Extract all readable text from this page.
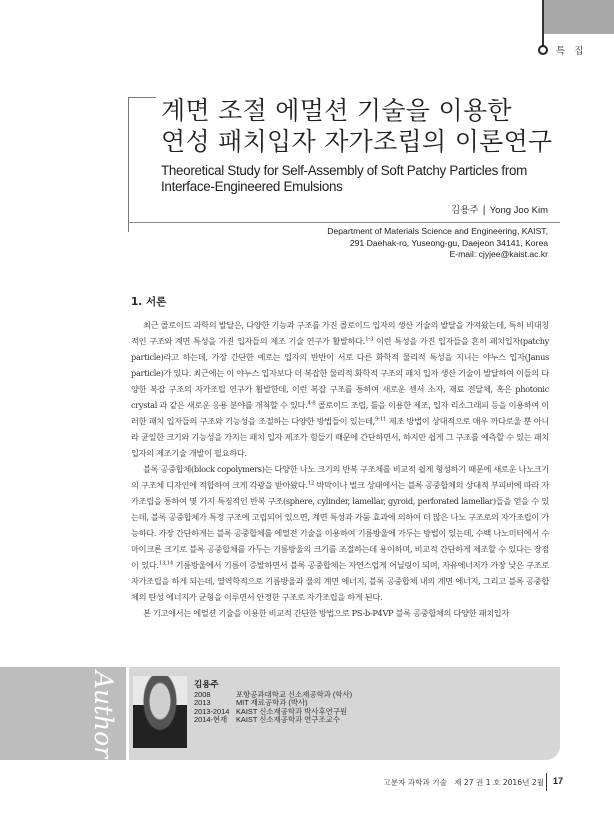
특 집
계면 조절 에멀션 기술을 이용한
연성 패치입자 자가조립의 이론연구
Theoretical Study for Self-Assembly of Soft Patchy Particles from
Interface-Engineered Emulsions
김용주 | Yong Joo Kim
Department of Materials Science and Engineering, KAIST,
291 Daehak-ro, Yuseong-gu, Daejeon 34141, Korea
E-mail: cjyjee@kaist.ac.kr
1. 서론

최근 콜로이드 과학의 발달은, 다양한 기능과 구조를 가진 콜로이드 입자의 생산 기술의 발달을 가져왔는데, 특히 비대칭적인 구조와 계면 특성을 가진 입자들의 제조 기술 연구가 활발하다.$^{1-3}$ 이런 특성을 가진 입자들을 흔히 패치입자(patchy particle)라고 하는데, 가장 간단한 예로는 입자의 반반이 서로 다른 화학적 물리적 특성을 지니는 야누스 입자(Janus particle)가 있다. 최근에는 이 야누스 입자보다 더 복잡한 물리적 화학적 구조의 패치 입자 생산 기술이 발달하여 이들의 다양한 복잡 구조의 자가조립 연구가 활발한데, 이런 복잡 구조를 통하여 새로운 센서 소자, 재료 전달체, 혹은 photonic crystal 과 같은 새로운 응용 분야를 개척할 수 있다.$^{4-8}$ 콜로이드 조립, 틀을 이용한 제조, 입자 리소그래피 등을 이용하여 이러한 패치 입자들의 구조와 기능성을 조절하는 다양한 방법들이 있는데,$^{9-11}$ 제조 방법이 상대적으로 매우 까다로울 뿐 아니라 균일한 크기와 기능성을 가지는 패치 입자 제조가 힘들기 때문에 간단하면서, 하지만 쉽게 그 구조를 예측할 수 있는 패치 입자의 제조기술 개발이 필요하다.

블록 공중합체(block copolymers)는 다양한 나노 크기의 반복 구조체를 비교적 쉽게 형성하기 때문에 새로운 나노크기의 구조체 디자인에 적합하여 크게 각광을 받아왔다.$^{12}$ 박막이나 벌크 상태에서는 블록 공중합체의 상대적 부피비에 따라 자가조립을 통하여 몇 가지 특징적인 반복 구조(sphere, cylinder, lamellar, gyroid, perforated lamellar)들을 얻을 수 있는데, 블록 공중합체가 특정 구조에 고립되어 있으면, 계면 특성과 가둠 효과에 의하여 더 많은 나노 구조로의 자가조립이 가능하다. 가장 간단하게는 블록 공중합체를 에멀전 기술을 이용하여 기름방울에 가두는 방법이 있는데, 수백 나노미터에서 수 마이크론 크기로 블록 공중합체를 가두는 기름방울의 크기를 조절하는데 용이하며, 비교적 간단하게 제조할 수 있다는 장점이 있다.$^{13,14}$ 기름방울에서 기름이 증발하면서 블록 공중합체는 자연스럽게 어닐링이 되며, 자유에너지가 가장 낮은 구조로 자가조립을 하게 되는데, 열역학적으로 기름방울과 물의 계면 에너지, 블록 공중합체 내의 계면 에너지, 그리고 블록 공중합체의 탄성 에너지가 균형을 이루면서 안정한 구조로 자가조립을 하게 된다.

본 기고에서는 에멀션 기술을 이용한 비교적 간단한 방법으로 PS-b-P4VP 블록 공중합체의 다양한 패치입자

Author	김용주
2008	포항공과대학교 신소재공학과 (학사)
2013	MIT 재료공학과 (박사)
2013-2014 KAIST 신소재공학과 박사후연구원
2014-현재	KAIST 신소재공학과 연구조교수
고분자 과학과 기술 제 27 권 1 호 2016년 2월 17
